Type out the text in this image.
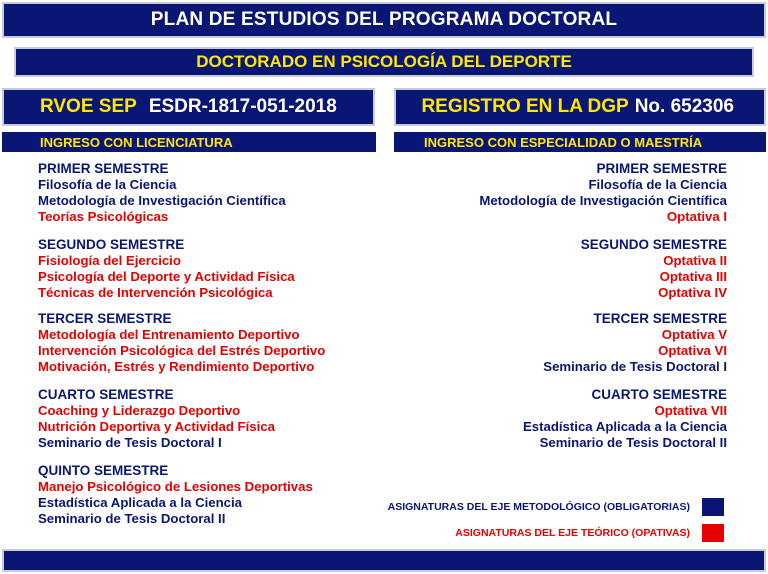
PLAN DE ESTUDIOS DEL PROGRAMA DOCTORAL
DOCTORADO EN PSICOLOGÍA DEL DEPORTE
RVOE SEP ESDR-1817-051-2018	REGISTRO EN LA DGP No. 652306
INGRESO CON LICENCIATURA	INGRESO CON ESPECIALIDAD O MAESTRÍA
PRIMER SEMESTRE
Filosofía de la Ciencia
Metodología de Investigación Científica
Teorías Psicológicas
SEGUNDO SEMESTRE
Fisiología del Ejercicio
Psicología del Deporte y Actividad Física
Técnicas de Intervención Psicológica
TERCER SEMESTRE
Metodología del Entrenamiento Deportivo
Intervención Psicológica del Estrés Deportivo
Motivación, Estrés y Rendimiento Deportivo
CUARTO SEMESTRE
Coaching y Liderazgo Deportivo
Nutrición Deportiva y Actividad Física
Seminario de Tesis Doctoral I
QUINTO SEMESTRE
Manejo Psicológico de Lesiones Deportivas
Estadística Aplicada a la Ciencia
Seminario de Tesis Doctoral II
PRIMER SEMESTRE
Filosofía de la Ciencia
Metodología de Investigación Científica
Optativa I
SEGUNDO SEMESTRE
Optativa II
Optativa III
Optativa IV
TERCER SEMESTRE
Optativa V
Optativa VI
Seminario de Tesis Doctoral I
CUARTO SEMESTRE
Optativa VII
Estadística Aplicada a la Ciencia
Seminario de Tesis Doctoral II
ASIGNATURAS DEL EJE METODOLÓGICO (OBLIGATORIAS)
ASIGNATURAS DEL EJE TEÓRICO (OPATIVAS)
